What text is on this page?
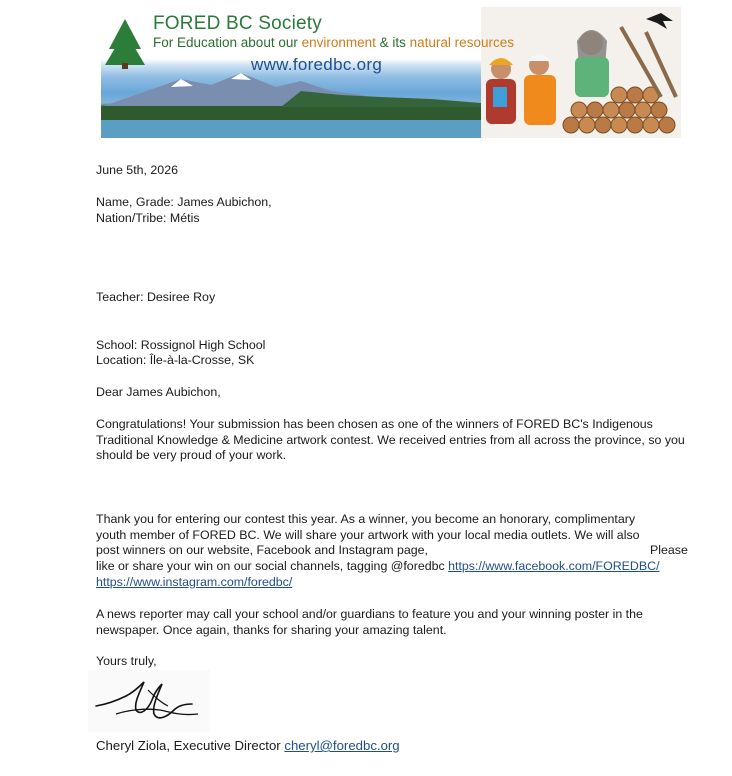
FORED BC Society
For Education about our environment & its natural resources
www.foredbc.org
June 5th, 2026
Name, Grade: James Aubichon,
Nation/Tribe: Métis
Teacher: Desiree Roy
School: Rossignol High School
Location: Île-à-la-Crosse, SK
Dear James Aubichon,
Congratulations! Your submission has been chosen as one of the winners of FORED BC's Indigenous Traditional Knowledge & Medicine artwork contest. We received entries from all across the province, so you should be very proud of your work.
Thank you for entering our contest this year. As a winner, you become an honorary, complimentary
youth member of FORED BC. We will share your artwork with your local media outlets. We will also
post winners on our website, Facebook and Instagram page,	Please
like or share your win on our social channels, tagging @foredbc https://www.facebook.com/FOREDBC/
https://www.instagram.com/foredbc/
A news reporter may call your school and/or guardians to feature you and your winning poster in the newspaper. Once again, thanks for sharing your amazing talent.
Yours truly,
Cheryl Ziola, Executive Director cheryl@foredbc.org
